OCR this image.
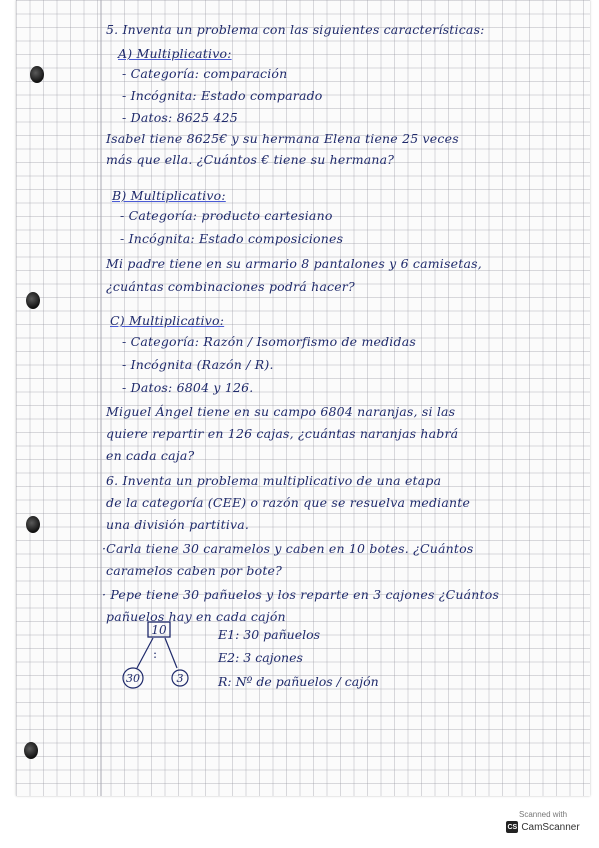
5. Inventa un problema con las siguientes características:
A) Multiplicativo:
- Categoría: comparación
- Incógnita: Estado comparado
- Datos: 8625 425
Isabel tiene 8625€ y su hermana Elena tiene 25 veces
más que ella. ¿Cuántos € tiene su hermana?
B) Multiplicativo:
- Categoría: producto cartesiano
- Incógnita: Estado composiciones
Mi padre tiene en su armario 8 pantalones y 6 camisetas,
¿cuántas combinaciones podrá hacer?
C) Multiplicativo:
- Categoría: Razón / Isomorfismo de medidas
- Incógnita (Razón / R).
- Datos: 6804 y 126.
Miguel Ángel tiene en su campo 6804 naranjas, si las
quiere repartir en 126 cajas, ¿cuántas naranjas habrá
en cada caja?
6. Inventa un problema multiplicativo de una etapa
de la categoría (CEE) o razón que se resuelva mediante
una división partitiva.
·Carla tiene 30 caramelos y caben en 10 botes. ¿Cuántos
caramelos caben por bote?
· Pepe tiene 30 pañuelos y los reparte en 3 cajones ¿Cuántos
pañuelos hay en cada cajón
10
:
30	3
E1: 30 pañuelos
E2: 3 cajones
R: Nº de pañuelos / cajón
Scanned with
CS CamScanner
